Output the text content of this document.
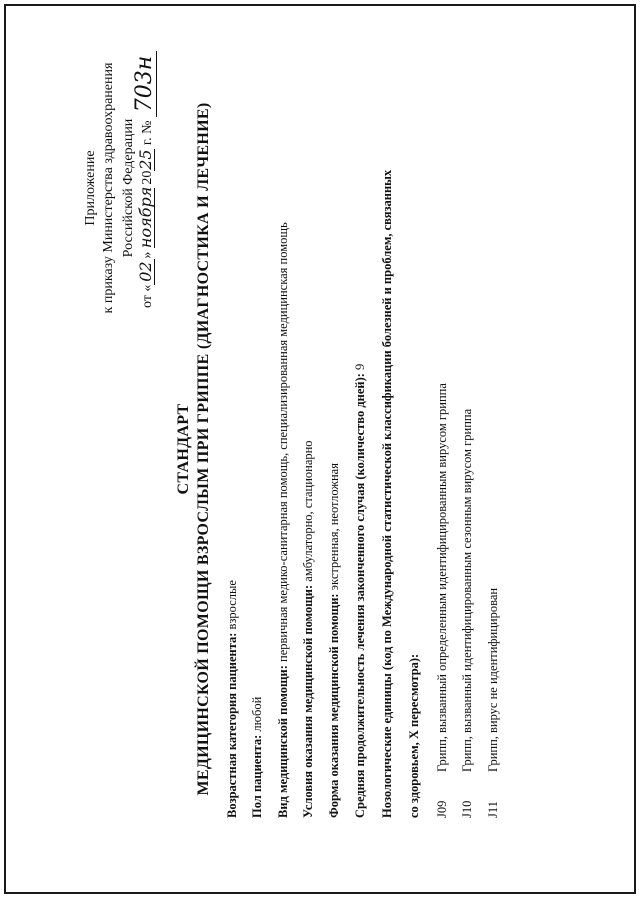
Приложение к приказу Министерства здравоохранения Российской Федерации
от «02» ноября 2025 г. № 703н
СТАНДАРТ МЕДИЦИНСКОЙ ПОМОЩИ ВЗРОСЛЫМ ПРИ ГРИППЕ (ДИАГНОСТИКА И ЛЕЧЕНИЕ) Возрастная категория пациента: взрослые
Пол пациента: любой Вид медицинской помощи: первичная медико-санитарная помощь, специализированная медицинская помощь
Условия оказания медицинской помощи: амбулаторно, стационарно
Форма оказания медицинской помощи: экстренная, неотложная Средняя продолжительность лечения законченного случая (количество дней): 9 Нозологические единицы (код по Международной статистической классификации болезней и проблем, связанных со здоровьем, X пересмотра): J09Грипп, вызванный определенным идентифицированным вирусом гриппа
J10Грипп, вызванный идентифицированным сезонным вирусом гриппа
J11Грипп, вирус не идентифицирован
